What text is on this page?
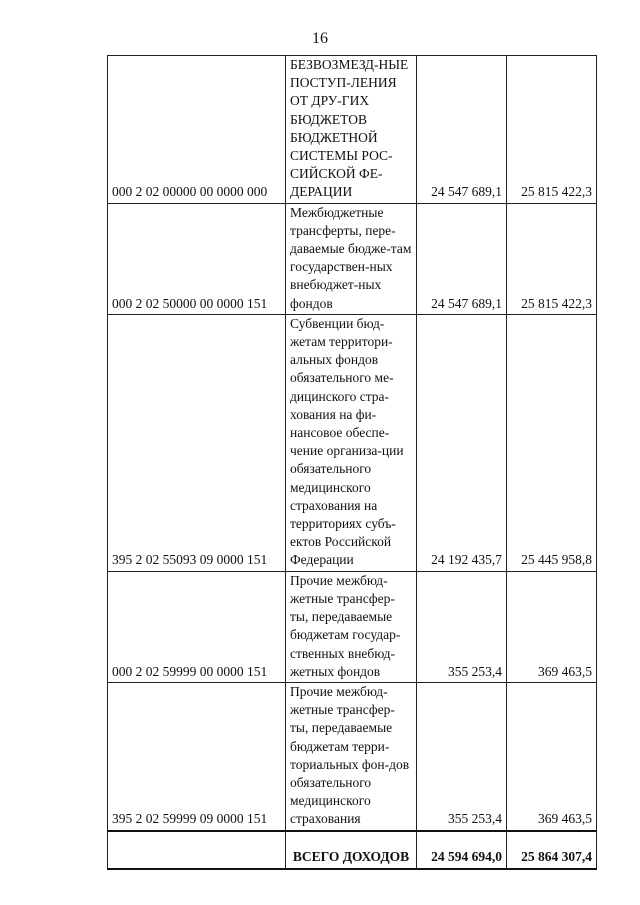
16
000 2 02 00000 00 0000 000	БЕЗВОЗМЕЗД-НЫЕ ПОСТУП-ЛЕНИЯ ОТ ДРУ-ГИХ БЮДЖЕТОВ БЮДЖЕТНОЙ СИСТЕМЫ РОС-СИЙСКОЙ ФЕ-ДЕРАЦИИ	24 547 689,1	25 815 422,3
000 2 02 50000 00 0000 151	Межбюджетные трансферты, пере-даваемые бюдже-там государствен-ных внебюджет-ных фондов	24 547 689,1	25 815 422,3
395 2 02 55093 09 0000 151	Субвенции бюд-жетам территори-альных фондов обязательного ме-дицинского стра-хования на фи-нансовое обеспе-чение организа-ции обязательного медицинского страхования на территориях субъ-ектов Российской Федерации	24 192 435,7	25 445 958,8
000 2 02 59999 00 0000 151	Прочие межбюд-жетные трансфер-ты, передаваемые бюджетам государ-ственных внебюд-жетных фондов	355 253,4	369 463,5
395 2 02 59999 09 0000 151	Прочие межбюд-жетные трансфер-ты, передаваемые бюджетам терри-ториальных фон-дов обязательного медицинского страхования	355 253,4	369 463,5
	ВСЕГО ДОХОДОВ	24 594 694,0	25 864 307,4
